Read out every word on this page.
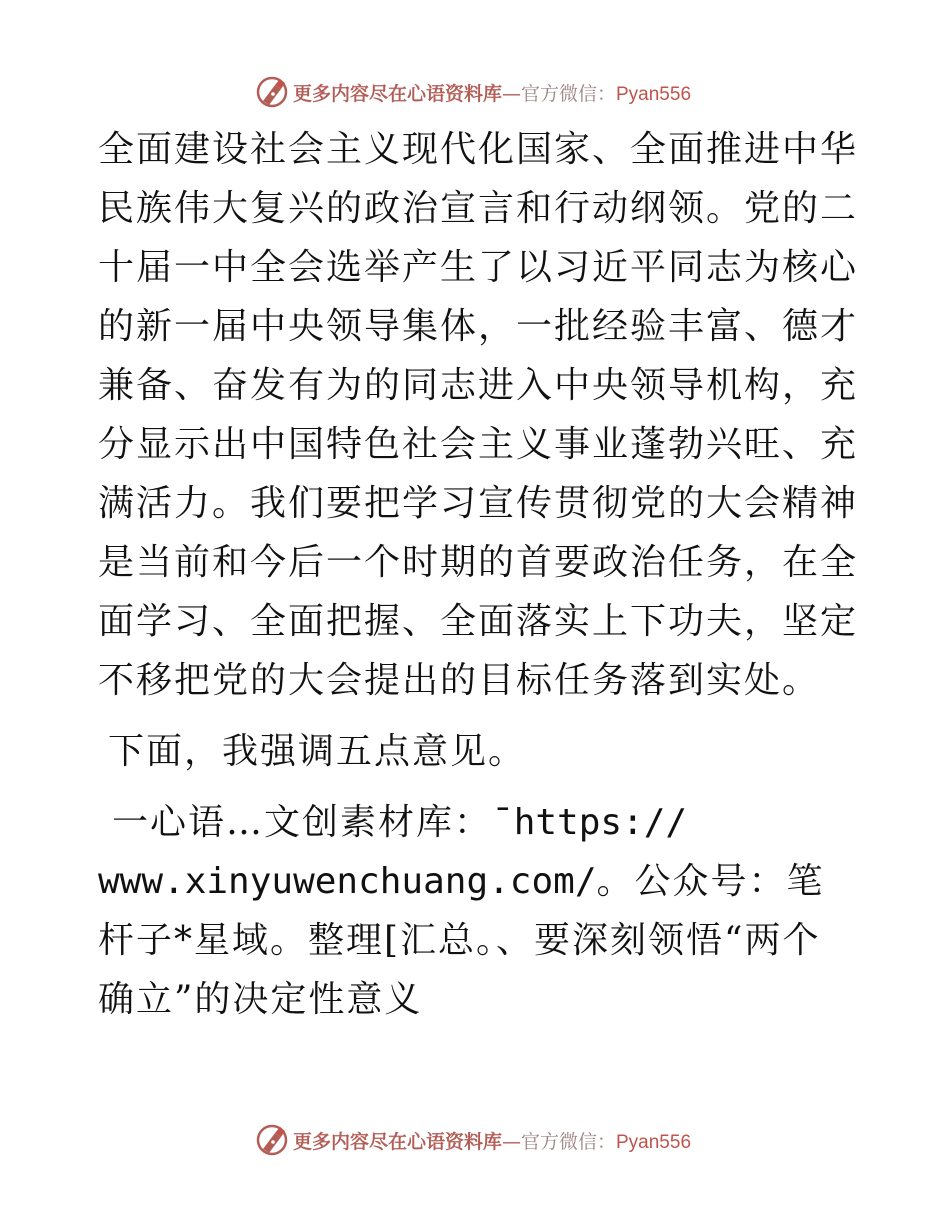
更多内容尽在心语资料库—官方微信：Pyan556

全面建设社会主义现代化国家、全面推进中华民族伟大复兴的政治宣言和行动纲领。党的二十届一中全会选举产生了以习近平同志为核心的新一届中央领导集体，一批经验丰富、德才兼备、奋发有为的同志进入中央领导机构，充分显示出中国特色社会主义事业蓬勃兴旺、充满活力。我们要把学习宣传贯彻党的大会精神是当前和今后一个时期的首要政治任务，在全面学习、全面把握、全面落实上下功夫，坚定不移把党的大会提出的目标任务落到实处。

下面，我强调五点意见。

一心语…文创素材库：¯https://
www.xinyuwenchuang.com/。公众号：笔杆子*星域。整理[汇总。、要深刻领悟“两个确立”的决定性意义

更多内容尽在心语资料库—官方微信：Pyan556
